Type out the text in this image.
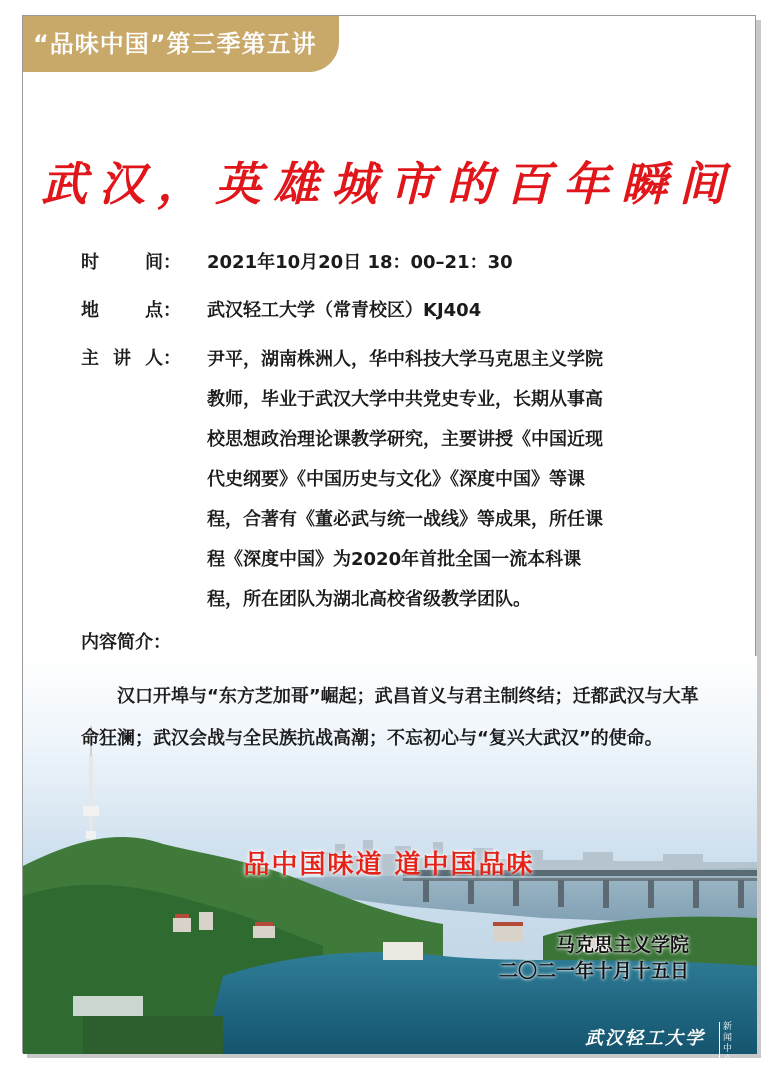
“品味中国”第三季第五讲
武汉，英雄城市的百年瞬间
时	间： 2021年10月20日 18：00–21：30
地	点： 武汉轻工大学（常青校区）KJ404
主 讲 人： 尹平，湖南株洲人，华中科技大学马克思主义学院
教师，毕业于武汉大学中共党史专业，长期从事高
校思想政治理论课教学研究，主要讲授《中国近现
代史纲要》《中国历史与文化》《深度中国》等课
程，合著有《董必武与统一战线》等成果，所任课
程《深度中国》为2020年首批全国一流本科课
程，所在团队为湖北高校省级教学团队。
内容简介：
汉口开埠与“东方芝加哥”崛起；武昌首义与君主制终结；迁都武汉与大革命狂澜；武汉会战与全民族抗战高潮；不忘初心与“复兴大武汉”的使命。
品中国味道 道中国品味
马克思主义学院
二〇二一年十月十五日
武汉轻工大学
新闻中心
